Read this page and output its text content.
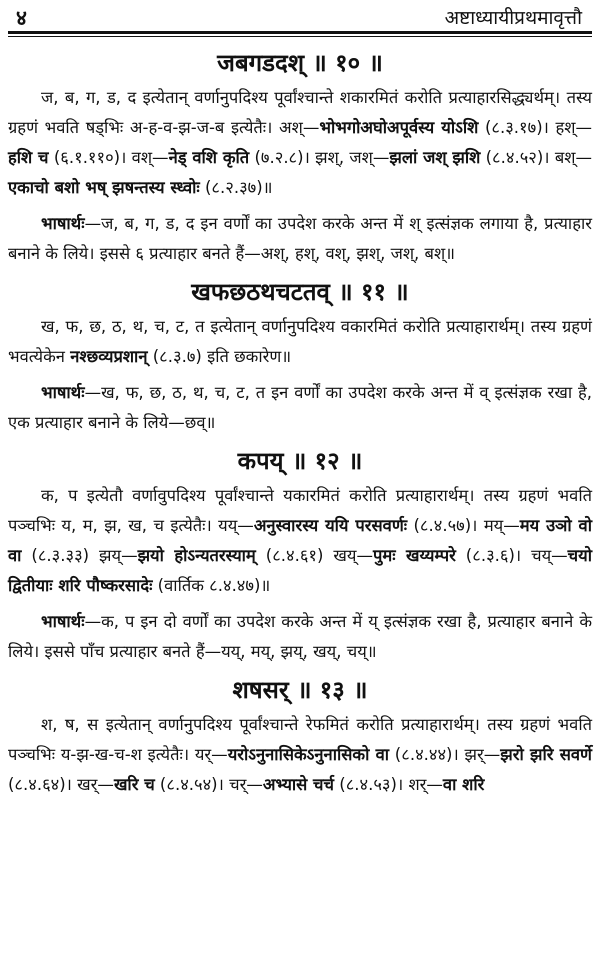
४	अष्टाध्यायीप्रथमावृत्तौ
जबगडदश् ॥ १० ॥

ज, ब, ग, ड, द इत्येतान् वर्णानुपदिश्य पूर्वांश्चान्ते शकारमितं करोति प्रत्याहारसिद्ध्यर्थम्। तस्य ग्रहणं भवति षड्भिः अ-ह-व-झ-ज-ब इत्येतैः। अश्—भोभगोअघोअपूर्वस्य योऽशि (८.३.१७)। हश्—हशि च (६.१.११०)। वश्—नेड् वशि कृति (७.२.८)। झश्, जश्—झलां जश् झशि (८.४.५२)। बश्—एकाचो बशो भष् झषन्तस्य स्ध्वोः (८.२.३७)॥

भाषार्थः—ज, ब, ग, ड, द इन वर्णों का उपदेश करके अन्त में श् इत्संज्ञक लगाया है, प्रत्याहार बनाने के लिये। इससे ६ प्रत्याहार बनते हैं—अश्, हश्, वश्, झश्, जश्, बश्॥

खफछठथचटतव् ॥ ११ ॥

ख, फ, छ, ठ, थ, च, ट, त इत्येतान् वर्णानुपदिश्य वकारमितं करोति प्रत्याहारार्थम्। तस्य ग्रहणं भवत्येकेन नश्छव्यप्रशान् (८.३.७) इति छकारेण॥

भाषार्थः—ख, फ, छ, ठ, थ, च, ट, त इन वर्णों का उपदेश करके अन्त में व् इत्संज्ञक रखा है, एक प्रत्याहार बनाने के लिये—छव्॥

कपय् ॥ १२ ॥

क, प इत्येतौ वर्णावुपदिश्य पूर्वांश्चान्ते यकारमितं करोति प्रत्याहारार्थम्। तस्य ग्रहणं भवति पञ्चभिः य, म, झ, ख, च इत्येतैः। यय्—अनुस्वारस्य ययि परसवर्णः (८.४.५७)। मय्—मय उञो वो वा (८.३.३३) झय्—झयो होऽन्यतरस्याम् (८.४.६१) खय्—पुमः खय्यम्परे (८.३.६)। चय्—चयो द्वितीयाः शरि पौष्करसादेः (वार्तिक ८.४.४७)॥

भाषार्थः—क, प इन दो वर्णों का उपदेश करके अन्त में य् इत्संज्ञक रखा है, प्रत्याहार बनाने के लिये। इससे पाँच प्रत्याहार बनते हैं—यय्, मय्, झय्, खय्, चय्॥

शषसर् ॥ १३ ॥

श, ष, स इत्येतान् वर्णानुपदिश्य पूर्वांश्चान्ते रेफमितं करोति प्रत्याहारार्थम्। तस्य ग्रहणं भवति पञ्चभिः य-झ-ख-च-श इत्येतैः। यर्—यरोऽनुनासिकेऽनुनासिको वा (८.४.४४)। झर्—झरो झरि सवर्णे (८.४.६४)। खर्—खरि च (८.४.५४)। चर्—अभ्यासे चर्च (८.४.५३)। शर्—वा शरि
